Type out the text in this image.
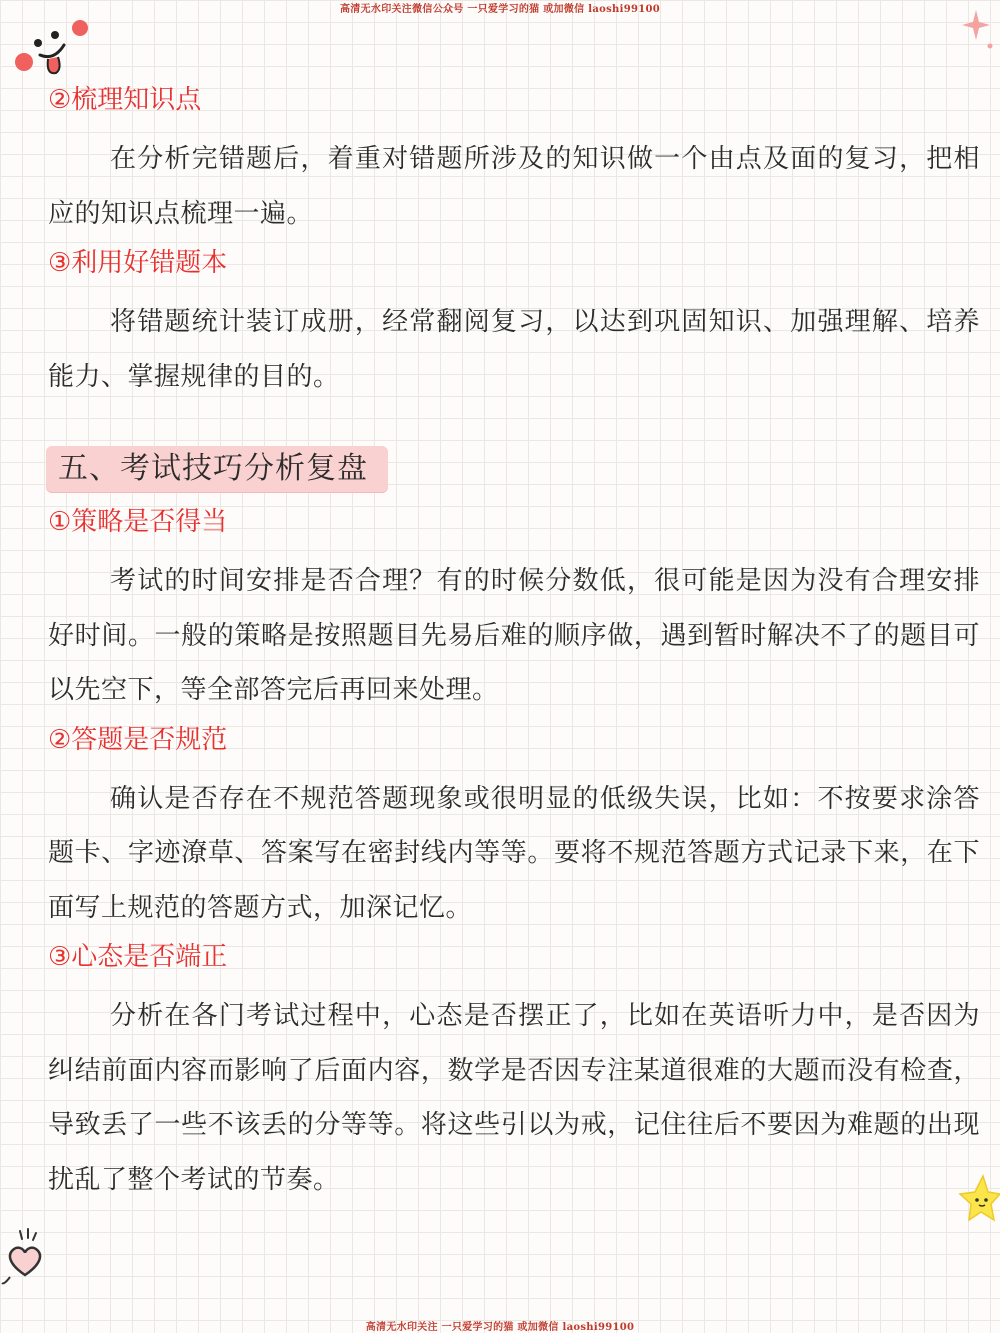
高清无水印关注微信公众号 一只爱学习的猫 或加微信 laoshi99100
②梳理知识点

在分析完错题后，着重对错题所涉及的知识做一个由点及面的复习，把相应的知识点梳理一遍。

③利用好错题本

将错题统计装订成册，经常翻阅复习，以达到巩固知识、加强理解、培养能力、掌握规律的目的。

五、考试技巧分析复盘
①策略是否得当

考试的时间安排是否合理？有的时候分数低，很可能是因为没有合理安排好时间。一般的策略是按照题目先易后难的顺序做，遇到暂时解决不了的题目可以先空下，等全部答完后再回来处理。

②答题是否规范

确认是否存在不规范答题现象或很明显的低级失误，比如：不按要求涂答题卡、字迹潦草、答案写在密封线内等等。要将不规范答题方式记录下来，在下面写上规范的答题方式，加深记忆。

③心态是否端正

分析在各门考试过程中，心态是否摆正了，比如在英语听力中，是否因为纠结前面内容而影响了后面内容，数学是否因专注某道很难的大题而没有检查，导致丢了一些不该丢的分等等。将这些引以为戒，记住往后不要因为难题的出现扰乱了整个考试的节奏。

高清无水印关注 一只爱学习的猫 或加微信 laoshi99100
